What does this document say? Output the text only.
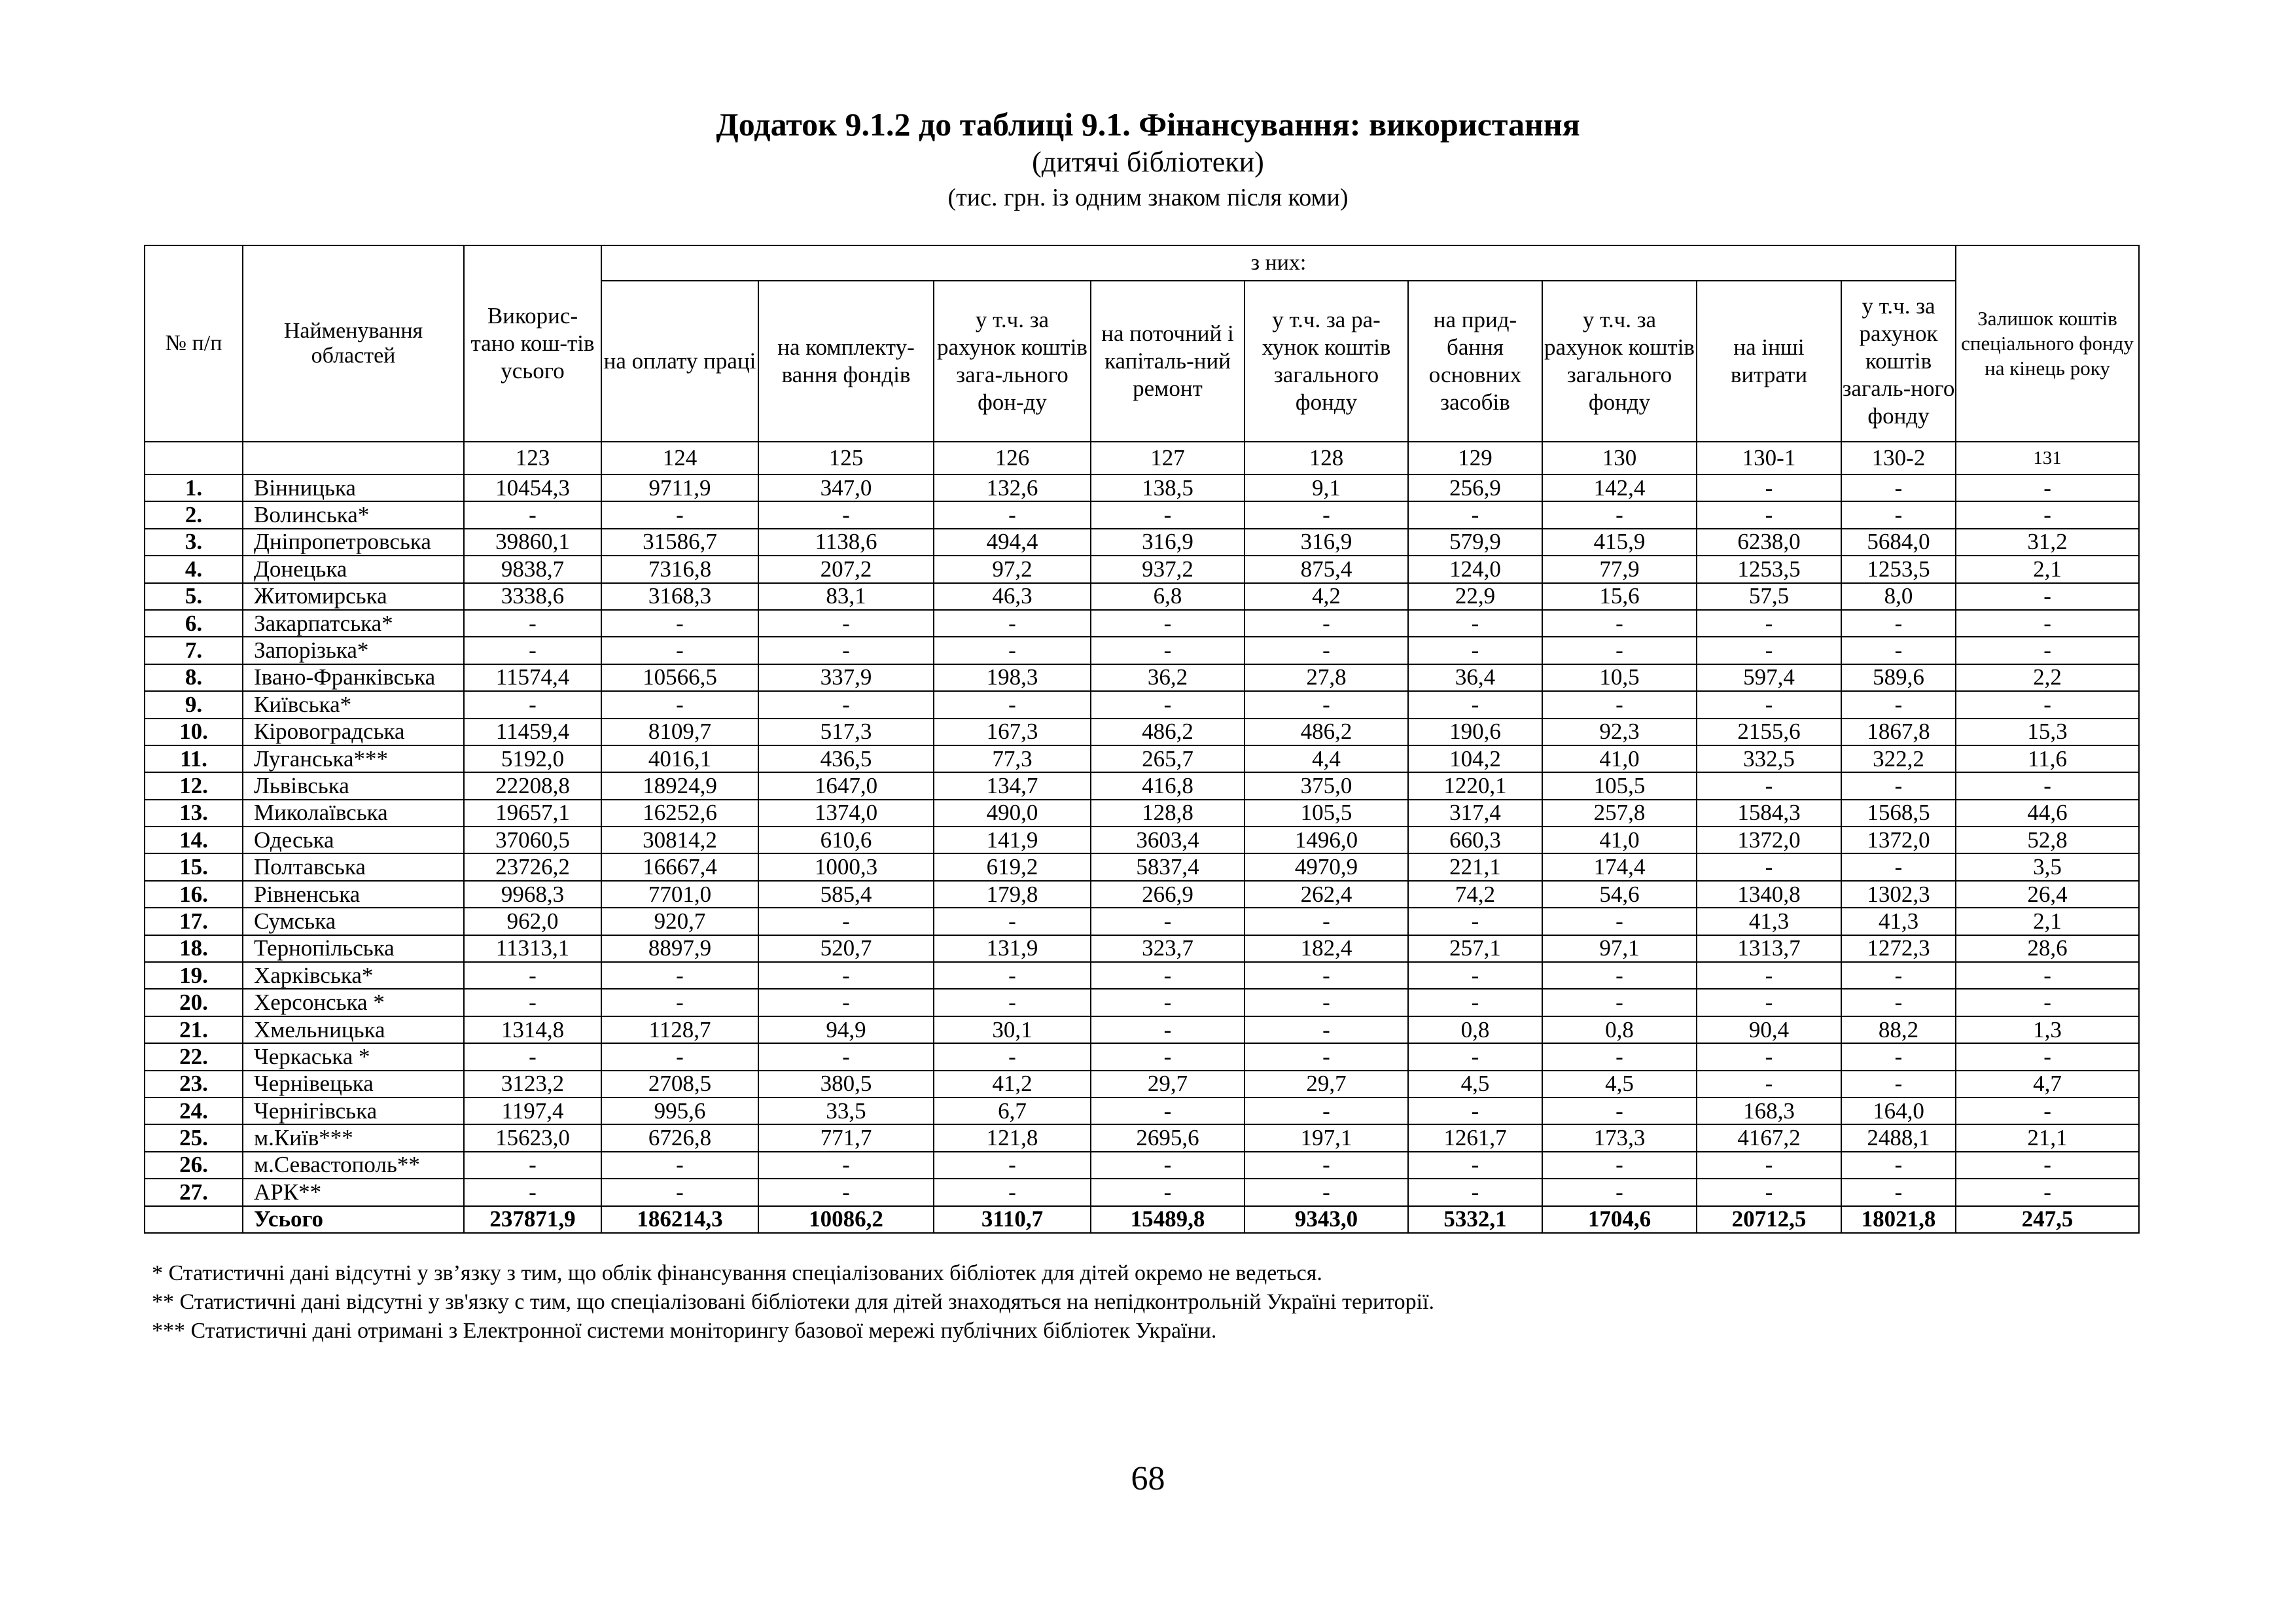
Додаток 9.1.2 до таблиці 9.1. Фінансування: використання
(дитячі бібліотеки)
(тис. грн. із одним знаком після коми)
№ п/п	Найменування областей	Викорис-тано кош-тів усього	з них:									Залишок коштів спеціального фонду на кінець року
			на оплату праці	на комплекту-вання фондів	у т.ч. за рахунок коштів зага-льного фон-ду	на поточний і капіталь-ний ремонт	у т.ч. за ра-хунок коштів загального фонду	на прид-бання основних засобів	у т.ч. за рахунок коштів загального фонду	на інші витрати	у т.ч. за рахунок коштів загаль-ного фонду	
		123	124	125	126	127	128	129	130	130-1	130-2	131
1.	Вінницька	10454,3	9711,9	347,0	132,6	138,5	9,1	256,9	142,4	-	-	-
2.	Волинська*	-	-	-	-	-	-	-	-	-	-	-
3.	Дніпропетровська	39860,1	31586,7	1138,6	494,4	316,9	316,9	579,9	415,9	6238,0	5684,0	31,2
4.	Донецька	9838,7	7316,8	207,2	97,2	937,2	875,4	124,0	77,9	1253,5	1253,5	2,1
5.	Житомирська	3338,6	3168,3	83,1	46,3	6,8	4,2	22,9	15,6	57,5	8,0	-
6.	Закарпатська*	-	-	-	-	-	-	-	-	-	-	-
7.	Запорізька*	-	-	-	-	-	-	-	-	-	-	-
8.	Івано-Франківська	11574,4	10566,5	337,9	198,3	36,2	27,8	36,4	10,5	597,4	589,6	2,2
9.	Київська*	-	-	-	-	-	-	-	-	-	-	-
10.	Кіровоградська	11459,4	8109,7	517,3	167,3	486,2	486,2	190,6	92,3	2155,6	1867,8	15,3
11.	Луганська***	5192,0	4016,1	436,5	77,3	265,7	4,4	104,2	41,0	332,5	322,2	11,6
12.	Львівська	22208,8	18924,9	1647,0	134,7	416,8	375,0	1220,1	105,5	-	-	-
13.	Миколаївська	19657,1	16252,6	1374,0	490,0	128,8	105,5	317,4	257,8	1584,3	1568,5	44,6
14.	Одеська	37060,5	30814,2	610,6	141,9	3603,4	1496,0	660,3	41,0	1372,0	1372,0	52,8
15.	Полтавська	23726,2	16667,4	1000,3	619,2	5837,4	4970,9	221,1	174,4	-	-	3,5
16.	Рівненська	9968,3	7701,0	585,4	179,8	266,9	262,4	74,2	54,6	1340,8	1302,3	26,4
17.	Сумська	962,0	920,7	-	-	-	-	-	-	41,3	41,3	2,1
18.	Тернопільська	11313,1	8897,9	520,7	131,9	323,7	182,4	257,1	97,1	1313,7	1272,3	28,6
19.	Харківська*	-	-	-	-	-	-	-	-	-	-	-
20.	Херсонська *	-	-	-	-	-	-	-	-	-	-	-
21.	Хмельницька	1314,8	1128,7	94,9	30,1	-	-	0,8	0,8	90,4	88,2	1,3
22.	Черкаська *	-	-	-	-	-	-	-	-	-	-	-
23.	Чернівецька	3123,2	2708,5	380,5	41,2	29,7	29,7	4,5	4,5	-	-	4,7
24.	Чернігівська	1197,4	995,6	33,5	6,7	-	-	-	-	168,3	164,0	-
25.	м.Київ***	15623,0	6726,8	771,7	121,8	2695,6	197,1	1261,7	173,3	4167,2	2488,1	21,1
26.	м.Севастополь**	-	-	-	-	-	-	-	-	-	-	-
27.	АРК**	-	-	-	-	-	-	-	-	-	-	-
	Усього	237871,9	186214,3	10086,2	3110,7	15489,8	9343,0	5332,1	1704,6	20712,5	18021,8	247,5
* Статистичні дані відсутні у зв’язку з тим, що облік фінансування спеціалізованих бібліотек для дітей окремо не ведеться.
** Статистичні дані відсутні у зв'язку с тим, що спеціалізовані бібліотеки для дітей знаходяться на непідконтрольній Україні території.
*** Статистичні дані отримані з Електронної системи моніторингу базової мережі публічних бібліотек України.
68
